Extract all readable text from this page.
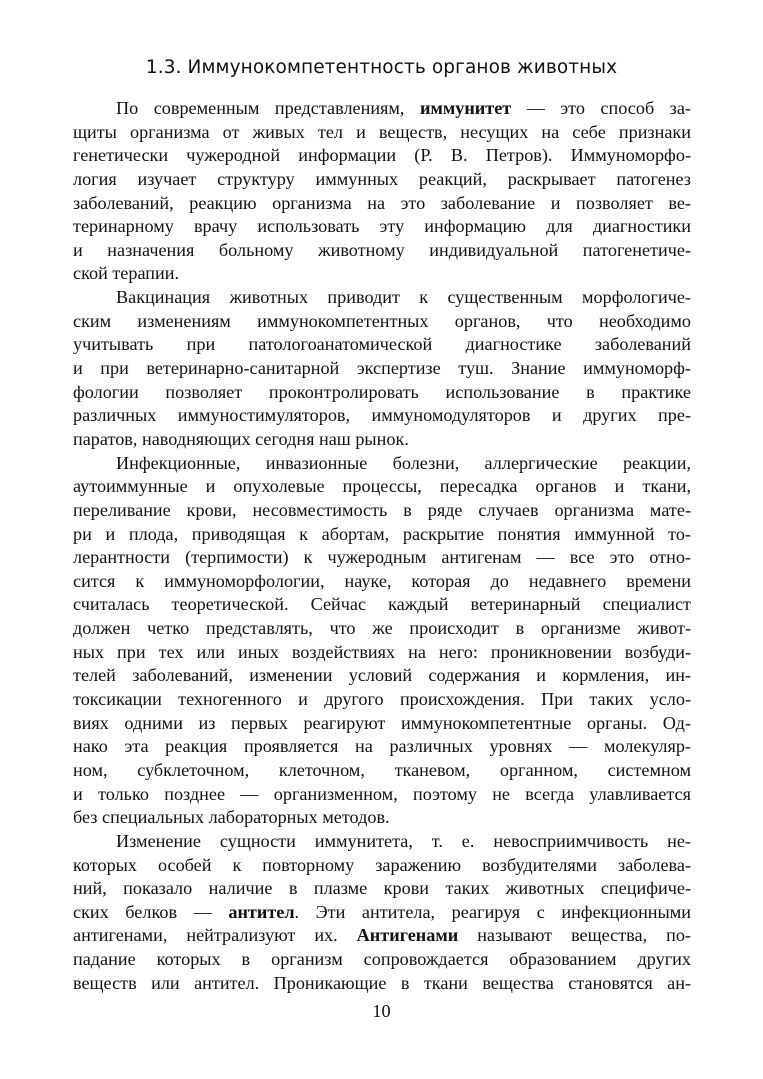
1.3. Иммунокомпетентность органов животных
По современным представлениям, иммунитет — это способ за-
щиты организма от живых тел и веществ, несущих на себе признаки
генетически чужеродной информации (Р. В. Петров). Иммуноморфо-
логия изучает структуру иммунных реакций, раскрывает патогенез
заболеваний, реакцию организма на это заболевание и позволяет ве-
теринарному врачу использовать эту информацию для диагностики
и назначения больному животному индивидуальной патогенетиче-
ской терапии.
Вакцинация животных приводит к существенным морфологиче-
ским изменениям иммунокомпетентных органов, что необходимо
учитывать при патологоанатомической диагностике заболеваний
и при ветеринарно-санитарной экспертизе туш. Знание иммуноморф-
фологии позволяет проконтролировать использование в практике
различных иммуностимуляторов, иммуномодуляторов и других пре-
паратов, наводняющих сегодня наш рынок.
Инфекционные, инвазионные болезни, аллергические реакции,
аутоиммунные и опухолевые процессы, пересадка органов и ткани,
переливание крови, несовместимость в ряде случаев организма мате-
ри и плода, приводящая к абортам, раскрытие понятия иммунной то-
лерантности (терпимости) к чужеродным антигенам — все это отно-
сится к иммуноморфологии, науке, которая до недавнего времени
считалась теоретической. Сейчас каждый ветеринарный специалист
должен четко представлять, что же происходит в организме живот-
ных при тех или иных воздействиях на него: проникновении возбуди-
телей заболеваний, изменении условий содержания и кормления, ин-
токсикации техногенного и другого происхождения. При таких усло-
виях одними из первых реагируют иммунокомпетентные органы. Од-
нако эта реакция проявляется на различных уровнях — молекуляр-
ном, субклеточном, клеточном, тканевом, органном, системном
и только позднее — организменном, поэтому не всегда улавливается
без специальных лабораторных методов.
Изменение сущности иммунитета, т. е. невосприимчивость не-
которых особей к повторному заражению возбудителями заболева-
ний, показало наличие в плазме крови таких животных специфиче-
ских белков — антител. Эти антитела, реагируя с инфекционными
антигенами, нейтрализуют их. Антигенами называют вещества, по-
падание которых в организм сопровождается образованием других
веществ или антител. Проникающие в ткани вещества становятся ан-
10
